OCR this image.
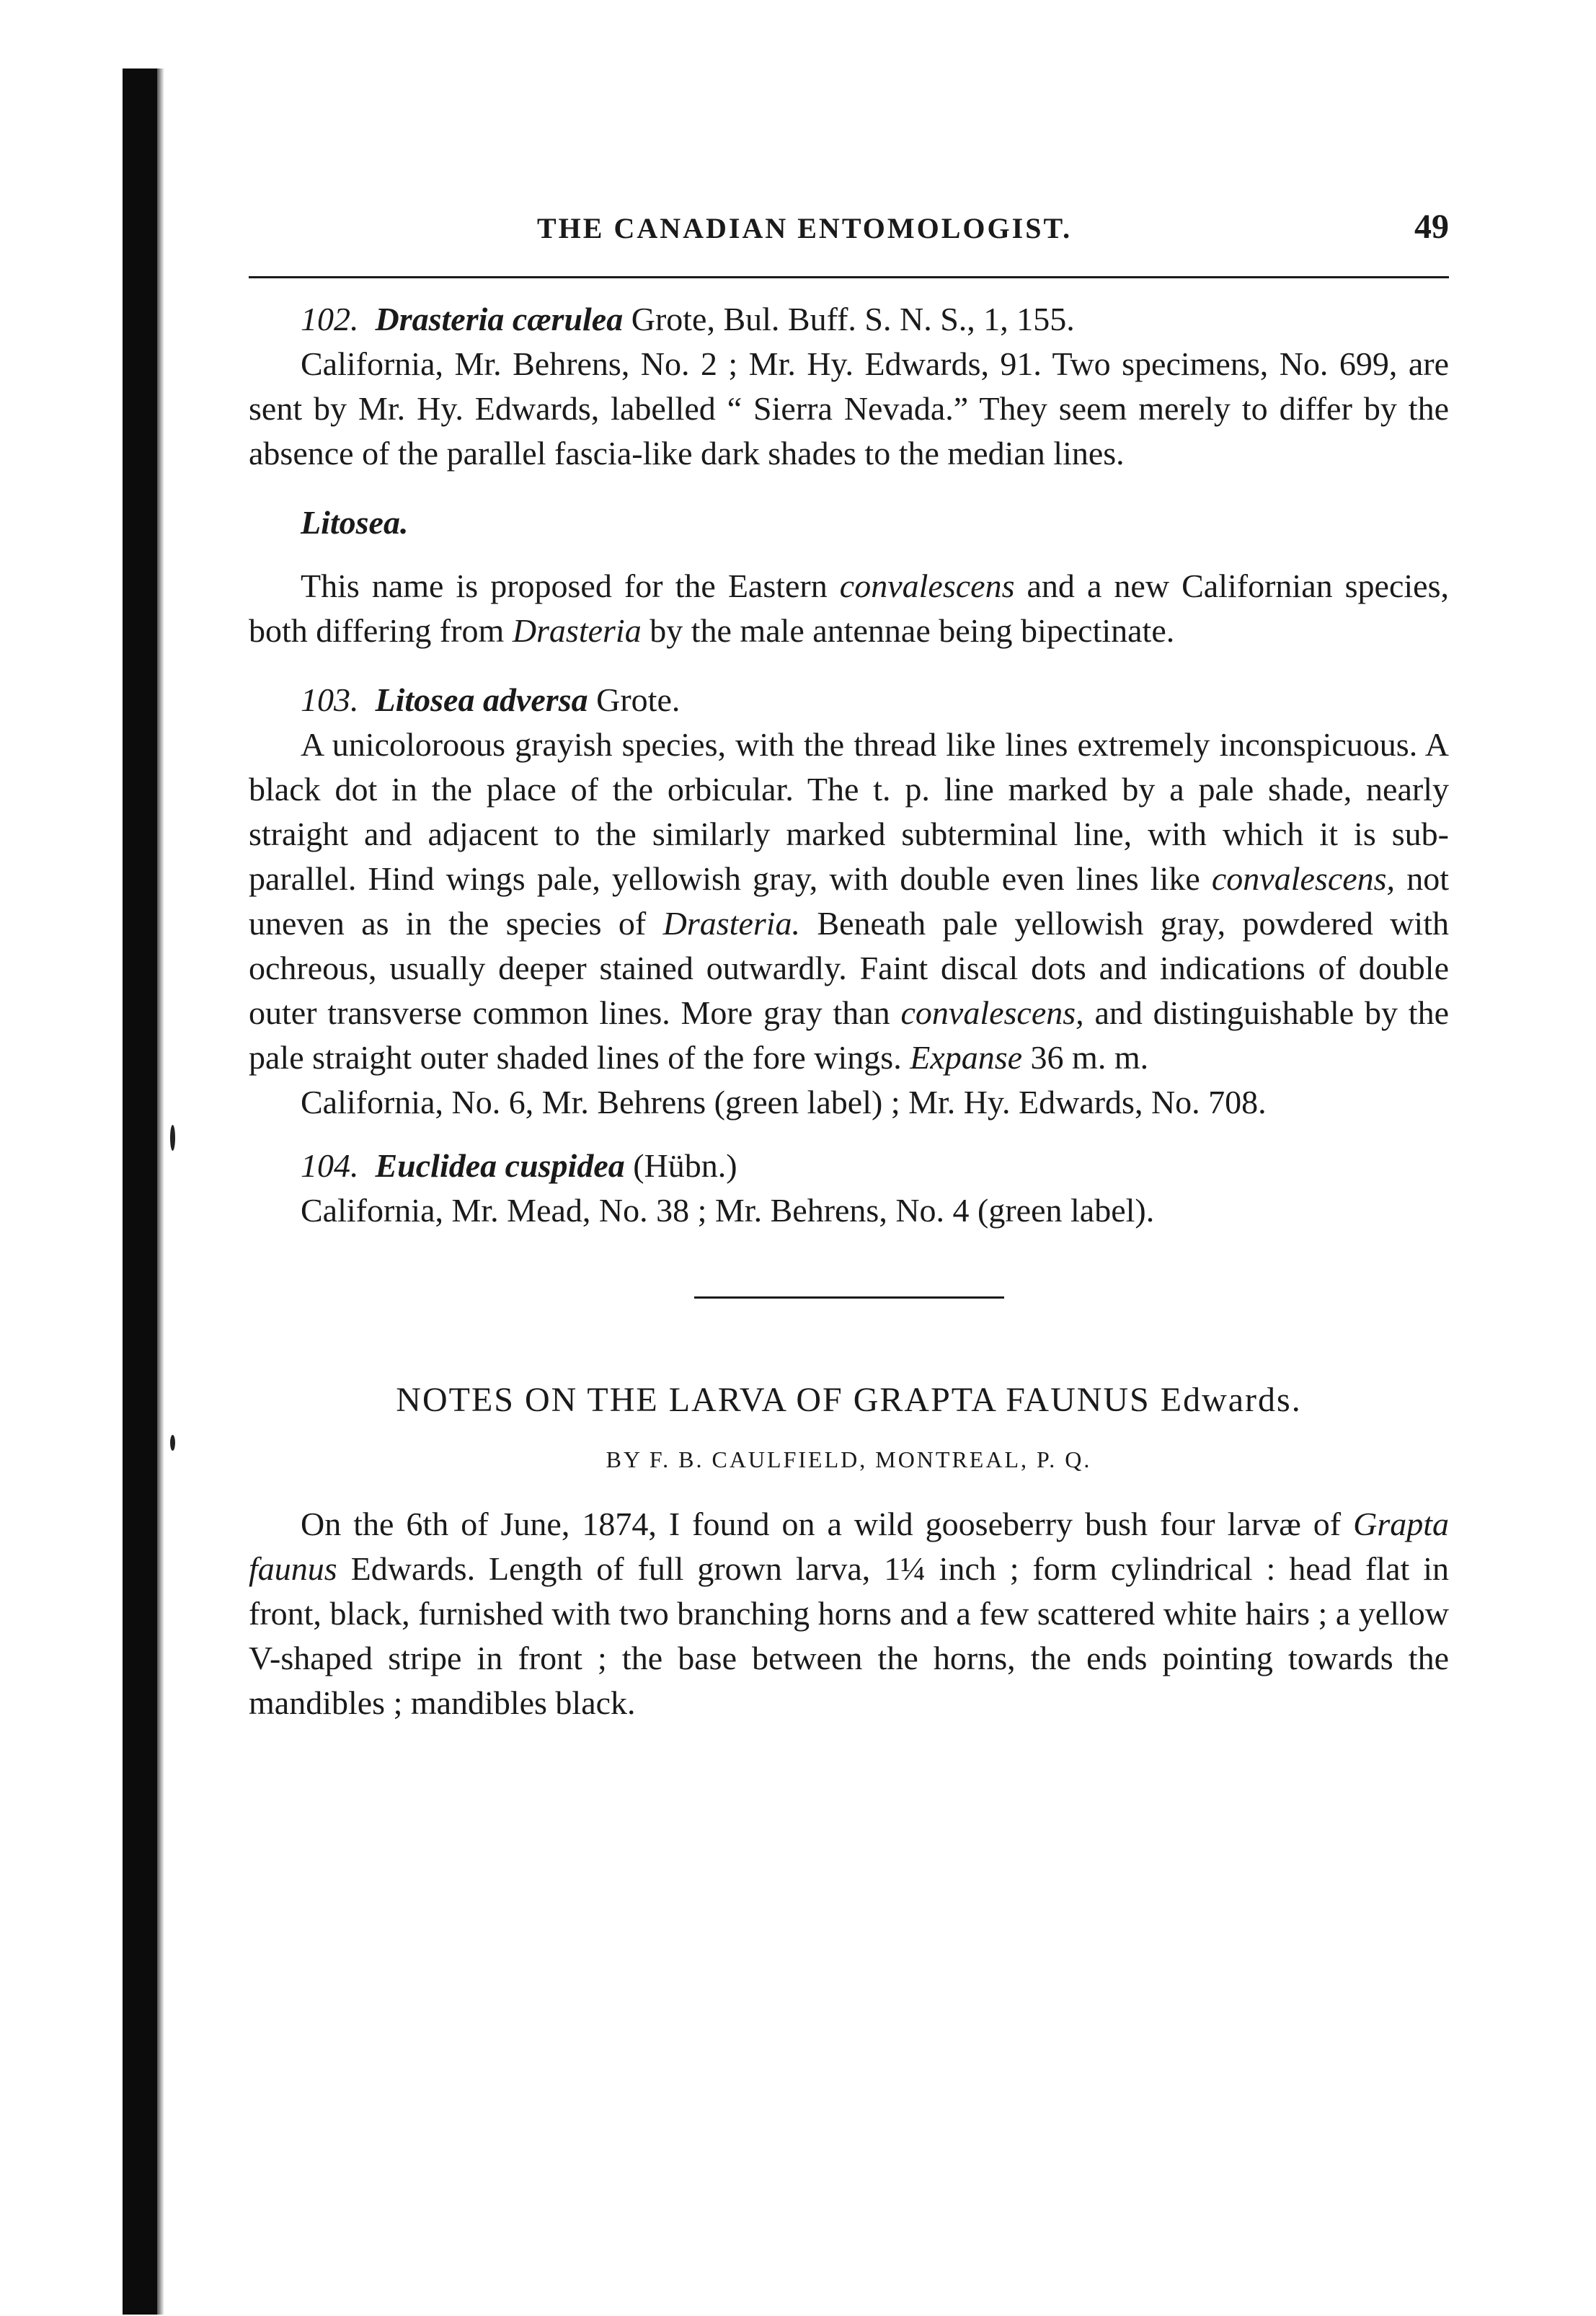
THE CANADIAN ENTOMOLOGIST.	49

102. Drasteria cærulea Grote, Bul. Buff. S. N. S., 1, 155.

California, Mr. Behrens, No. 2 ; Mr. Hy. Edwards, 91. Two specimens, No. 699, are sent by Mr. Hy. Edwards, labelled “ Sierra Nevada.” They seem merely to differ by the absence of the parallel fascia-like dark shades to the median lines.

Litosea.

This name is proposed for the Eastern convalescens and a new Californian species, both differing from Drasteria by the male antennae being bipectinate.

103. Litosea adversa Grote.

A unicoloroous grayish species, with the thread like lines extremely inconspicuous. A black dot in the place of the orbicular. The t. p. line marked by a pale shade, nearly straight and adjacent to the similarly marked subterminal line, with which it is sub-parallel. Hind wings pale, yellowish gray, with double even lines like convalescens, not uneven as in the species of Drasteria. Beneath pale yellowish gray, powdered with ochreous, usually deeper stained outwardly. Faint discal dots and indications of double outer transverse common lines. More gray than convalescens, and distinguishable by the pale straight outer shaded lines of the fore wings. Expanse 36 m. m.

California, No. 6, Mr. Behrens (green label) ; Mr. Hy. Edwards, No. 708.

104. Euclidea cuspidea (Hübn.)

California, Mr. Mead, No. 38 ; Mr. Behrens, No. 4 (green label).

NOTES ON THE LARVA OF GRAPTA FAUNUS Edwards.

BY F. B. CAULFIELD, MONTREAL, P. Q.

On the 6th of June, 1874, I found on a wild gooseberry bush four larvæ of Grapta faunus Edwards. Length of full grown larva, 1¼ inch ; form cylindrical : head flat in front, black, furnished with two branching horns and a few scattered white hairs ; a yellow V-shaped stripe in front ; the base between the horns, the ends pointing towards the mandibles ; mandibles black.
